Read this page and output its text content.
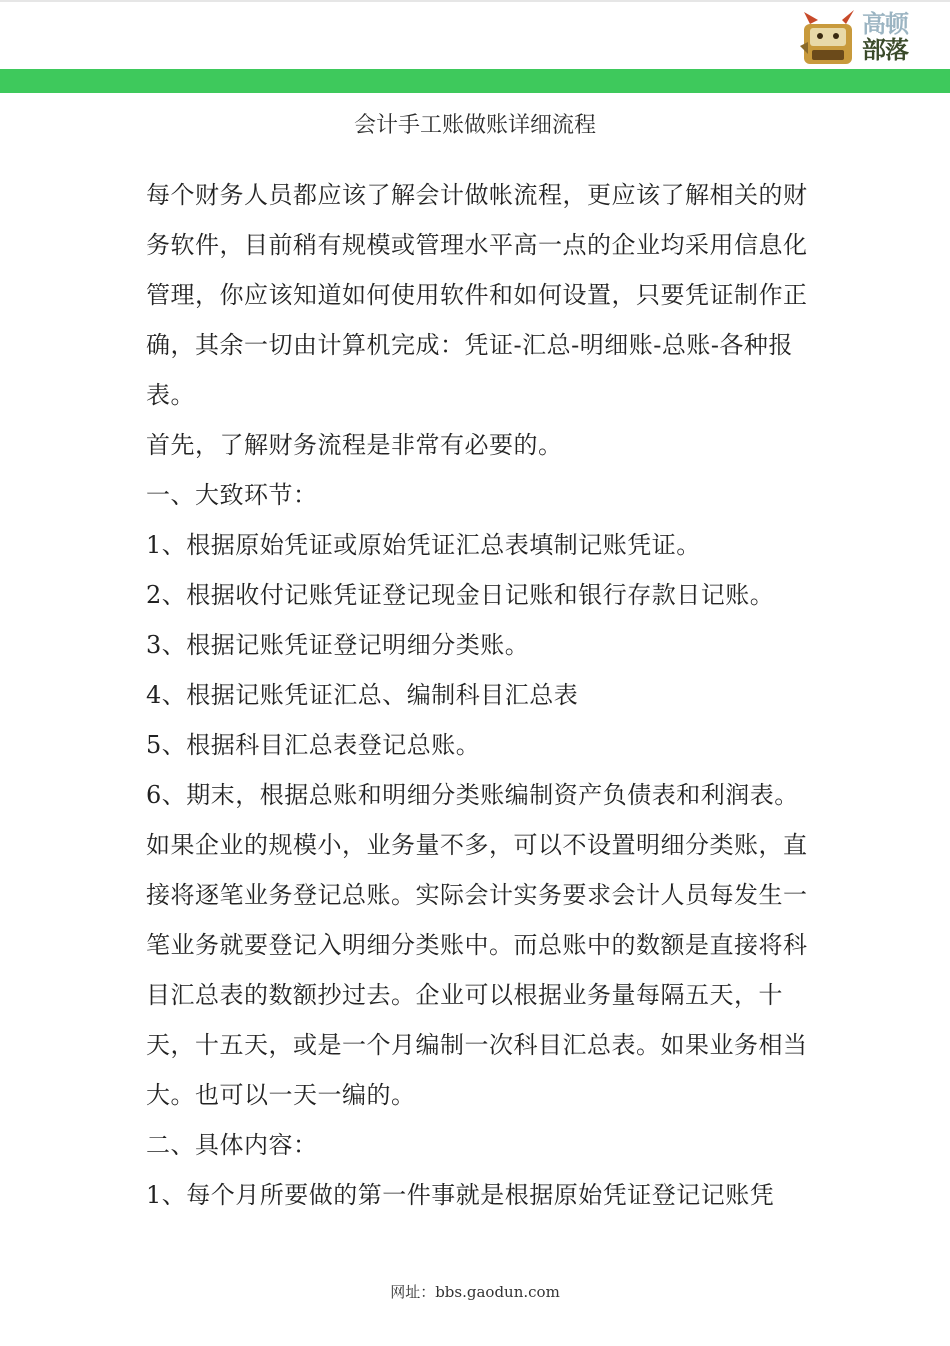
高顿
部落
会计手工账做账详细流程

每个财务人员都应该了解会计做帐流程，更应该了解相关的财务软件，目前稍有规模或管理水平高一点的企业均采用信息化管理，你应该知道如何使用软件和如何设置，只要凭证制作正确，其余一切由计算机完成：凭证-汇总-明细账-总账-各种报表。

首先，了解财务流程是非常有必要的。

一、大致环节：

1、根据原始凭证或原始凭证汇总表填制记账凭证。

2、根据收付记账凭证登记现金日记账和银行存款日记账。

3、根据记账凭证登记明细分类账。

4、根据记账凭证汇总、编制科目汇总表

5、根据科目汇总表登记总账。

6、期末，根据总账和明细分类账编制资产负债表和利润表。如果企业的规模小，业务量不多，可以不设置明细分类账，直接将逐笔业务登记总账。实际会计实务要求会计人员每发生一笔业务就要登记入明细分类账中。而总账中的数额是直接将科目汇总表的数额抄过去。企业可以根据业务量每隔五天，十天，十五天，或是一个月编制一次科目汇总表。如果业务相当大。也可以一天一编的。

二、具体内容：

1、每个月所要做的第一件事就是根据原始凭证登记记账凭

网址：bbs.gaodun.com
